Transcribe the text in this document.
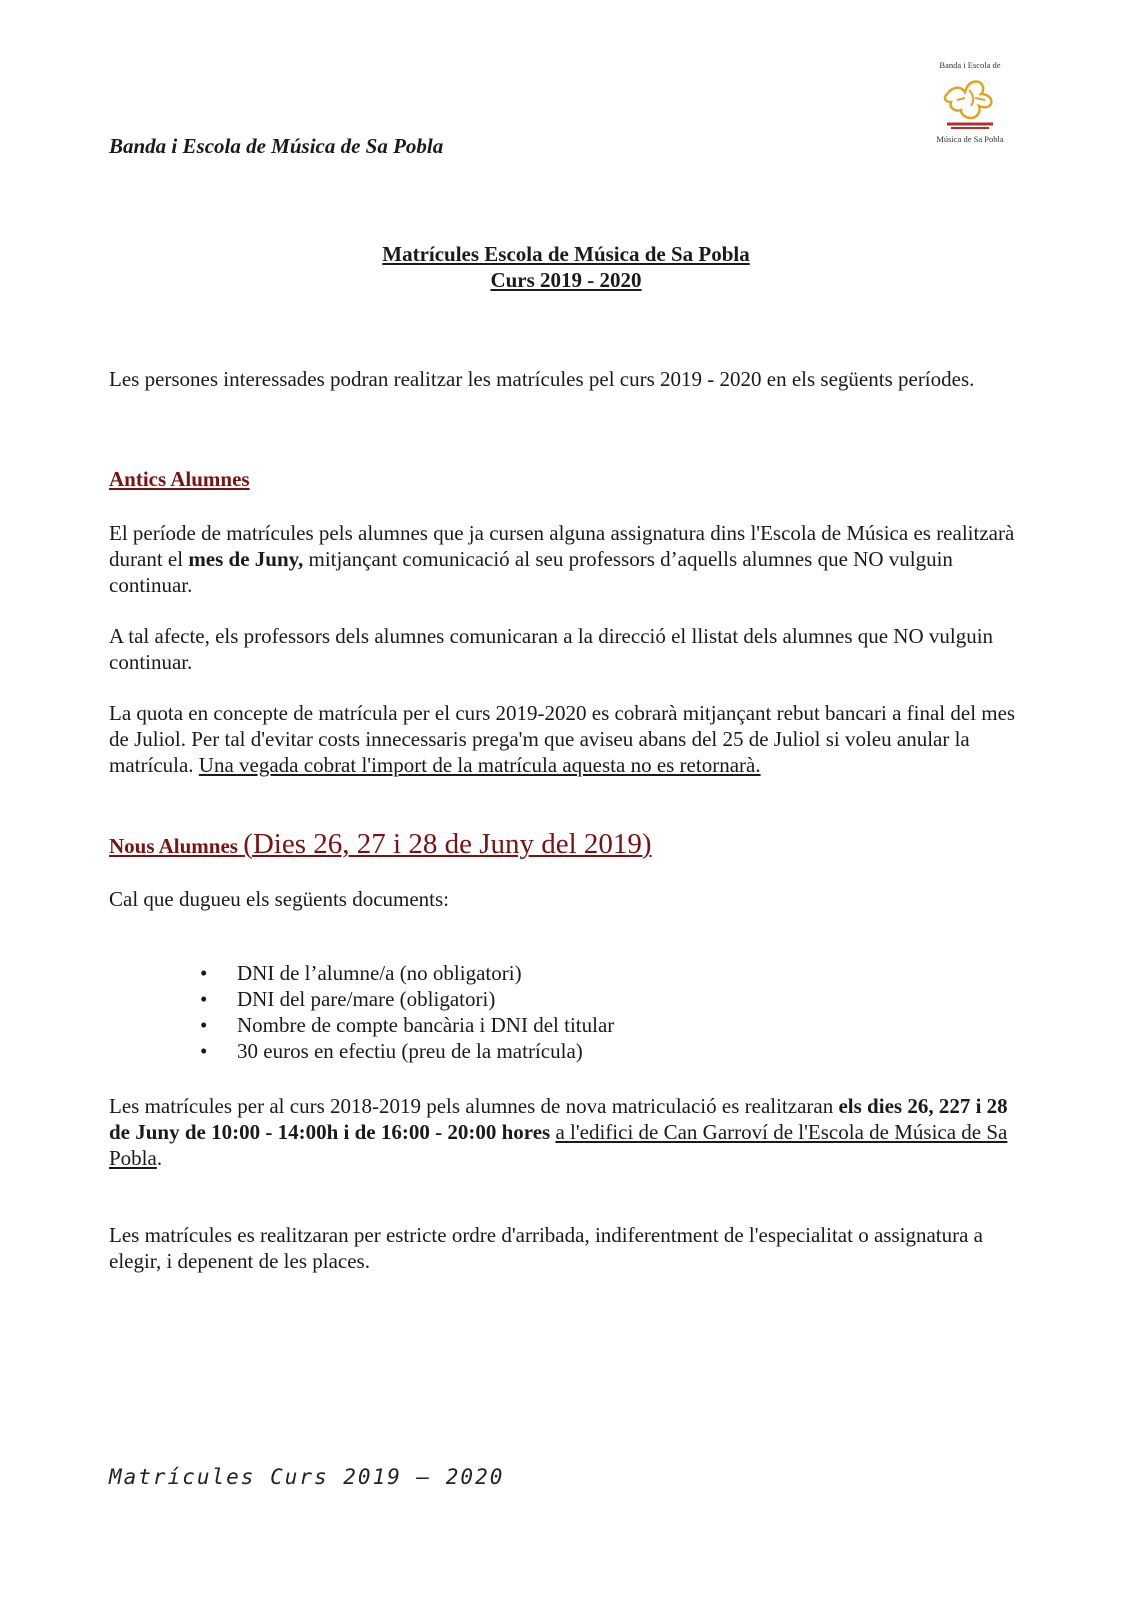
Banda i Escola de Música de Sa Pobla
Banda i Escola de
Música de Sa Pobla
Matrícules Escola de Música de Sa Pobla
Curs 2019 - 2020

Les persones interessades podran realitzar les matrícules pel curs 2019 - 2020 en els següents períodes.

Antics Alumnes

El període de matrícules pels alumnes que ja cursen alguna assignatura dins l'Escola de Música es realitzarà durant el mes de Juny, mitjançant comunicació al seu professors d’aquells alumnes que NO vulguin continuar.

A tal afecte, els professors dels alumnes comunicaran a la direcció el llistat dels alumnes que NO vulguin continuar.

La quota en concepte de matrícula per el curs 2019-2020 es cobrarà mitjançant rebut bancari a final del mes de Juliol. Per tal d'evitar costs innecessaris prega'm que aviseu abans del 25 de Juliol si voleu anular la matrícula. Una vegada cobrat l'import de la matrícula aquesta no es retornarà.

Nous Alumnes (Dies 26, 27 i 28 de Juny del 2019)

Cal que dugueu els següents documents:

• DNI de l’alumne/a (no obligatori)
• DNI del pare/mare (obligatori)
• Nombre de compte bancària i DNI del titular
• 30 euros en efectiu (preu de la matrícula)

Les matrícules per al curs 2018-2019 pels alumnes de nova matriculació es realitzaran els dies 26, 227 i 28 de Juny de 10:00 - 14:00h i de 16:00 - 20:00 hores a l'edifici de Can Garroví de l'Escola de Música de Sa Pobla.

Les matrícules es realitzaran per estricte ordre d'arribada, indiferentment de l'especialitat o assignatura a elegir, i depenent de les places.

Matrícules Curs 2019 – 2020
